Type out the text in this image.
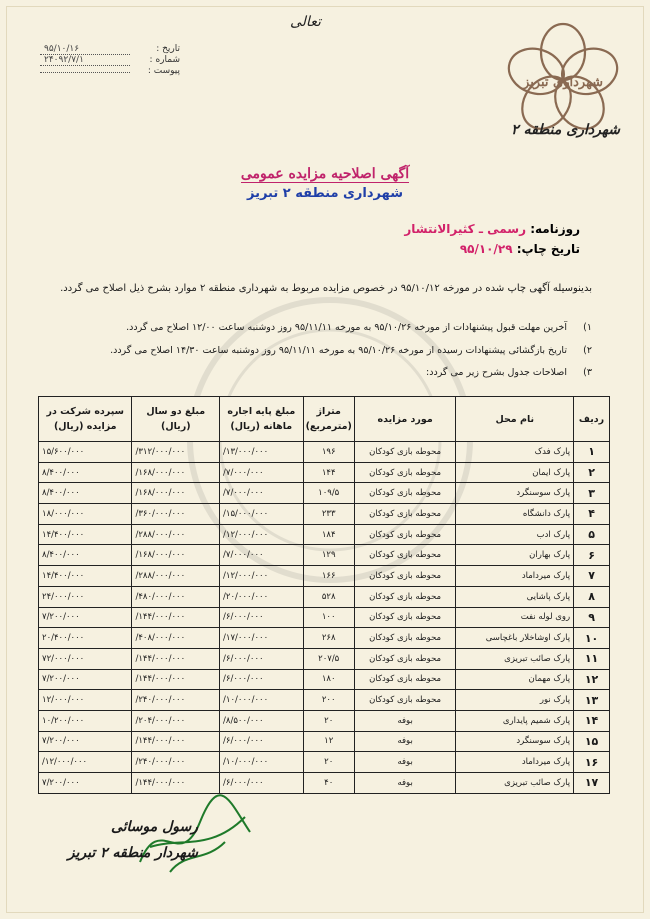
تعالی
شهرداری تبریز
شهرداری منطقه ۲
تاریخ :
۹۵/۱۰/۱۶
شماره :
۲۴۰۹۲/۷/۱
پیوست :
آگهی اصلاحیه مزایده عمومی
شهرداری منطقه ۲ تبریز
روزنامه: رسمی ـ کثیرالانتشار
تاریخ چاپ: ۹۵/۱۰/۲۹
بدینوسیله آگهی چاپ شده در مورخه ۹۵/۱۰/۱۲ در خصوص مزایده مربوط به شهرداری منطقه ۲ موارد بشرح ذیل اصلاح می گردد.
۱) آخرین مهلت قبول پیشنهادات از مورخه ۹۵/۱۰/۲۶ به مورخه ۹۵/۱۱/۱۱ روز دوشنبه ساعت ۱۲/۰۰ اصلاح می گردد.
۲) تاریخ بازگشائی پیشنهادات رسیده از مورخه ۹۵/۱۰/۲۶ به مورخه ۹۵/۱۱/۱۱ روز دوشنبه ساعت ۱۴/۳۰ اصلاح می گردد.
۳) اصلاحات جدول بشرح زیر می گردد:
ردیف	نام محل	مورد مزایده	متراژ (مترمربع)	مبلغ پایه اجاره ماهانه (ریال)	مبلغ دو سال (ریال)	سپرده شرکت در مزایده (ریال)
۱	پارک فدک	محوطه بازی کودکان	۱۹۶	۱۳/۰۰۰/۰۰۰/	۳۱۲/۰۰۰/۰۰۰/	۱۵/۶۰۰/۰۰۰
۲	پارک ایمان	محوطه بازی کودکان	۱۴۴	۷/۰۰۰/۰۰۰/	۱۶۸/۰۰۰/۰۰۰/	۸/۴۰۰/۰۰۰
۳	پارک سوسنگرد	محوطه بازی کودکان	۱۰۹/۵	۷/۰۰۰/۰۰۰/	۱۶۸/۰۰۰/۰۰۰/	۸/۴۰۰/۰۰۰
۴	پارک دانشگاه	محوطه بازی کودکان	۲۳۳	۱۵/۰۰۰/۰۰۰/	۳۶۰/۰۰۰/۰۰۰/	۱۸/۰۰۰/۰۰۰
۵	پارک ادب	محوطه بازی کودکان	۱۸۴	۱۲/۰۰۰/۰۰۰/	۲۸۸/۰۰۰/۰۰۰/	۱۴/۴۰۰/۰۰۰
۶	پارک بهاران	محوطه بازی کودکان	۱۲۹	۷/۰۰۰/۰۰۰/	۱۶۸/۰۰۰/۰۰۰/	۸/۴۰۰/۰۰۰
۷	پارک میرداماد	محوطه بازی کودکان	۱۶۶	۱۲/۰۰۰/۰۰۰/	۲۸۸/۰۰۰/۰۰۰/	۱۴/۴۰۰/۰۰۰
۸	پارک پاشایی	محوطه بازی کودکان	۵۲۸	۲۰/۰۰۰/۰۰۰/	۴۸۰/۰۰۰/۰۰۰/	۲۴/۰۰۰/۰۰۰
۹	روی لوله نفت	محوطه بازی کودکان	۱۰۰	۶/۰۰۰/۰۰۰/	۱۴۴/۰۰۰/۰۰۰/	۷/۲۰۰/۰۰۰
۱۰	پارک اوشاخلار باغچاسی	محوطه بازی کودکان	۲۶۸	۱۷/۰۰۰/۰۰۰/	۴۰۸/۰۰۰/۰۰۰/	۲۰/۴۰۰/۰۰۰
۱۱	پارک صائب تبریزی	محوطه بازی کودکان	۲۰۷/۵	۶/۰۰۰/۰۰۰/	۱۴۴/۰۰۰/۰۰۰/	۷۲/۰۰۰/۰۰۰
۱۲	پارک مهمان	محوطه بازی کودکان	۱۸۰	۶/۰۰۰/۰۰۰/	۱۴۴/۰۰۰/۰۰۰/	۷/۲۰۰/۰۰۰
۱۳	پارک نور	محوطه بازی کودکان	۲۰۰	۱۰/۰۰۰/۰۰۰/	۲۴۰/۰۰۰/۰۰۰/	۱۲/۰۰۰/۰۰۰
۱۴	پارک شمیم پایداری	بوفه	۲۰	۸/۵۰۰/۰۰۰/	۲۰۴/۰۰۰/۰۰۰/	۱۰/۲۰۰/۰۰۰
۱۵	پارک سوسنگرد	بوفه	۱۲	۶/۰۰۰/۰۰۰/	۱۴۴/۰۰۰/۰۰۰/	۷/۲۰۰/۰۰۰
۱۶	پارک میرداماد	بوفه	۲۰	۱۰/۰۰۰/۰۰۰/	۲۴۰/۰۰۰/۰۰۰/	۱۲/۰۰۰/۰۰۰/
۱۷	پارک صائب تبریزی	بوفه	۴۰	۶/۰۰۰/۰۰۰/	۱۴۴/۰۰۰/۰۰۰/	۷/۲۰۰/۰۰۰
رسول موسائی
شهردار منطقه ۲ تبریز
